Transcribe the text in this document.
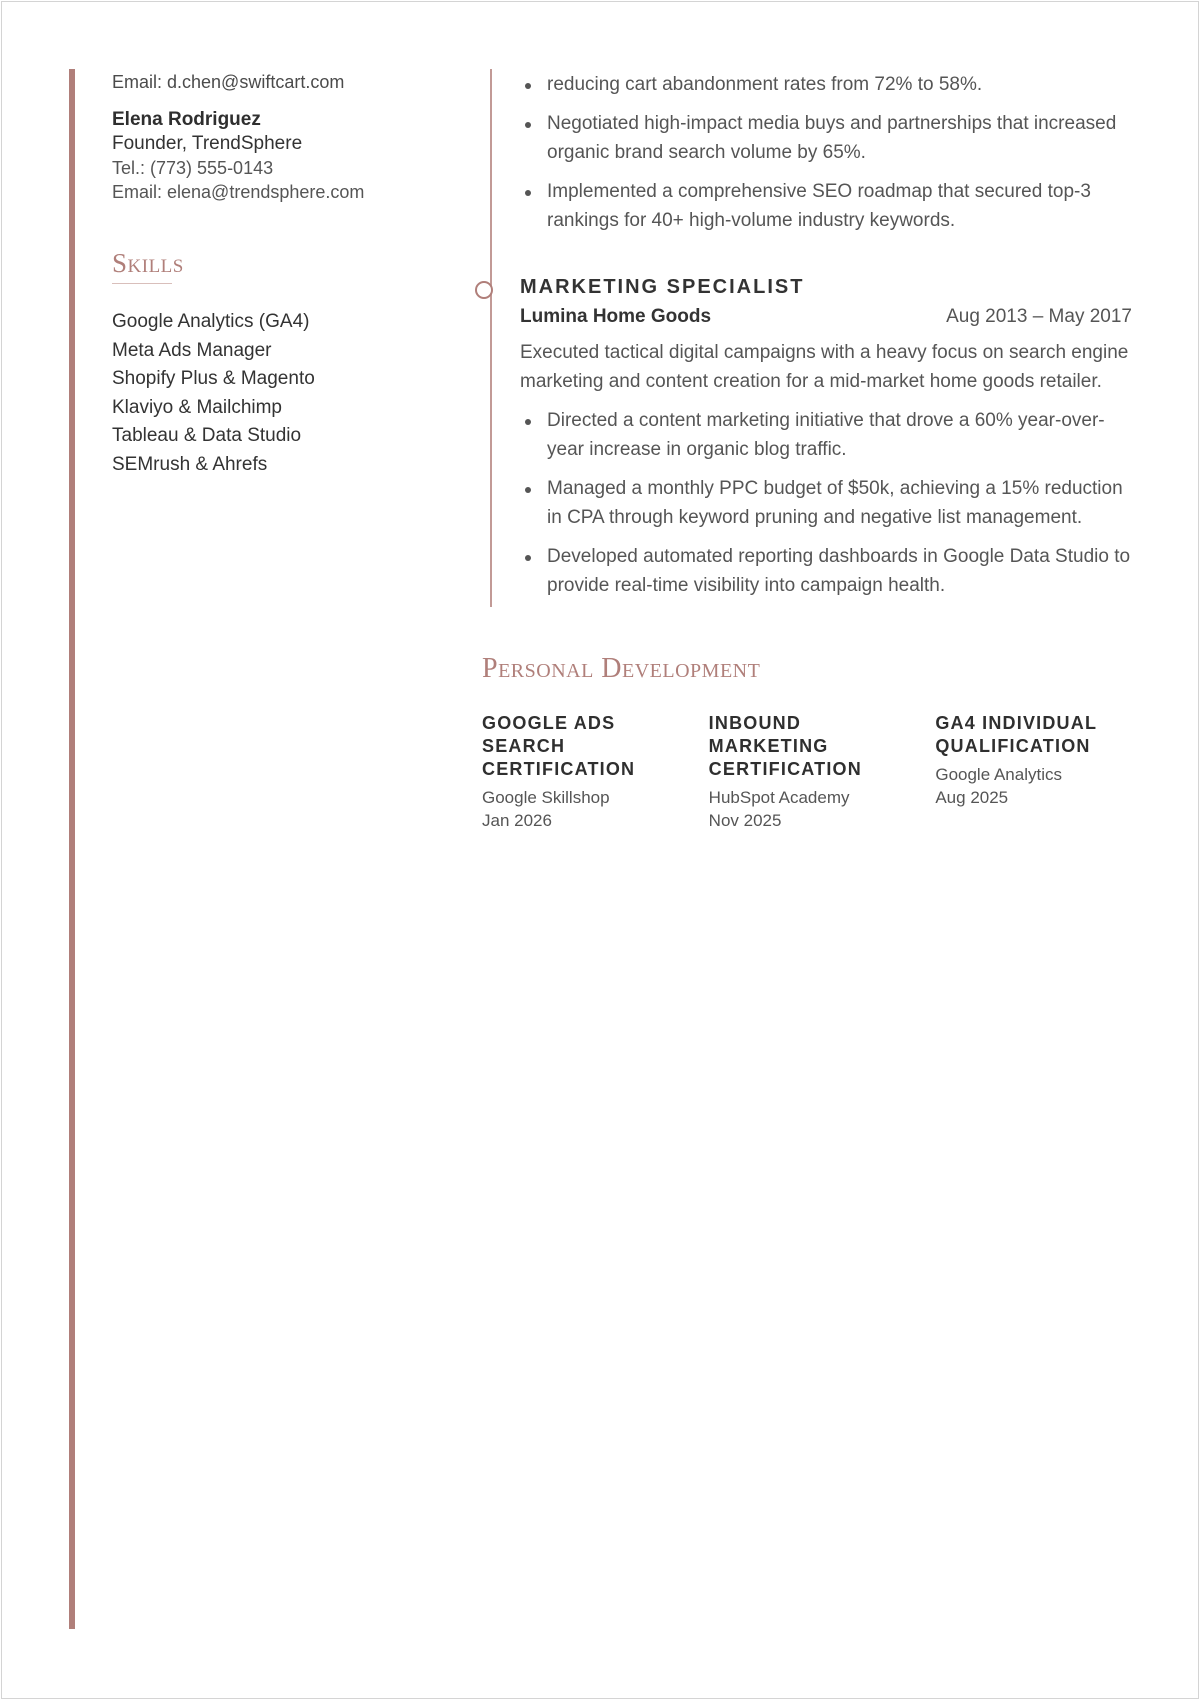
Email: d.chen@swiftcart.com
Elena Rodriguez
Founder, TrendSphere
Tel.: (773) 555-0143
Email: elena@trendsphere.com
Skills
Google Analytics (GA4)
Meta Ads Manager
Shopify Plus & Magento
Klaviyo & Mailchimp
Tableau & Data Studio
SEMrush & Ahrefs
reducing cart abandonment rates from 72% to 58%.
Negotiated high-impact media buys and partnerships that increased organic brand search volume by 65%.
Implemented a comprehensive SEO roadmap that secured top-3 rankings for 40+ high-volume industry keywords.
MARKETING SPECIALIST
Lumina Home Goods	Aug 2013 – May 2017

Executed tactical digital campaigns with a heavy focus on search engine marketing and content creation for a mid-market home goods retailer.

Directed a content marketing initiative that drove a 60% year-over-year increase in organic blog traffic.
Managed a monthly PPC budget of $50k, achieving a 15% reduction in CPA through keyword pruning and negative list management.
Developed automated reporting dashboards in Google Data Studio to provide real-time visibility into campaign health.
Personal Development
GOOGLE ADS SEARCH CERTIFICATION
Google Skillshop
Jan 2026
INBOUND MARKETING CERTIFICATION
HubSpot Academy
Nov 2025
GA4 INDIVIDUAL QUALIFICATION
Google Analytics
Aug 2025
